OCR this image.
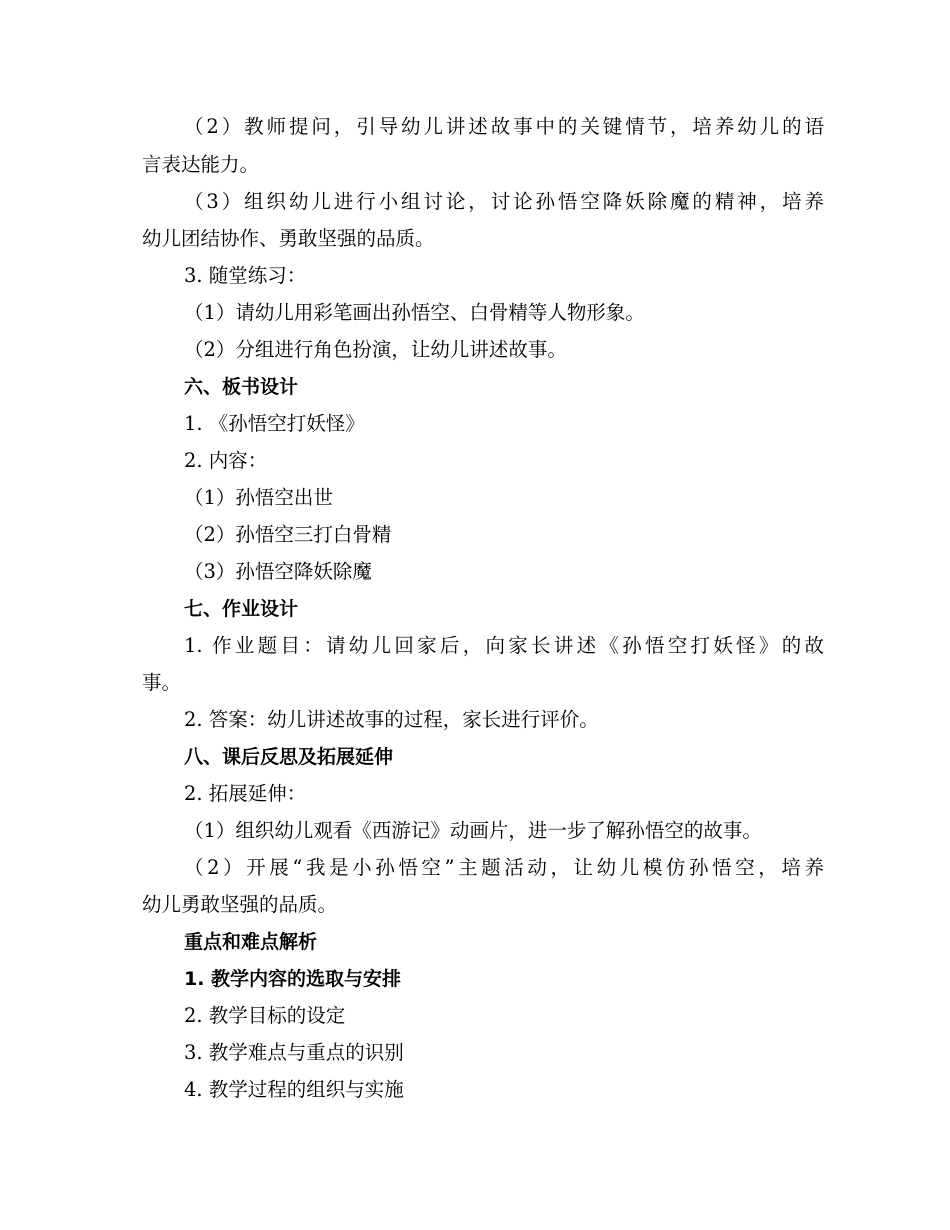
（2）教师提问，引导幼儿讲述故事中的关键情节，培养幼儿的语
言表达能力。
（3）组织幼儿进行小组讨论，讨论孙悟空降妖除魔的精神，培养
幼儿团结协作、勇敢坚强的品质。
3. 随堂练习：
（1）请幼儿用彩笔画出孙悟空、白骨精等人物形象。
（2）分组进行角色扮演，让幼儿讲述故事。
六、板书设计
1. 《孙悟空打妖怪》
2. 内容：
（1）孙悟空出世
（2）孙悟空三打白骨精
（3）孙悟空降妖除魔
七、作业设计
1. 作业题目：请幼儿回家后，向家长讲述《孙悟空打妖怪》的故
事。
2. 答案：幼儿讲述故事的过程，家长进行评价。
八、课后反思及拓展延伸
2. 拓展延伸：
（1）组织幼儿观看《西游记》动画片，进一步了解孙悟空的故事。
（2）开展“我是小孙悟空”主题活动，让幼儿模仿孙悟空，培养
幼儿勇敢坚强的品质。
重点和难点解析
1. 教学内容的选取与安排
2. 教学目标的设定
3. 教学难点与重点的识别
4. 教学过程的组织与实施
